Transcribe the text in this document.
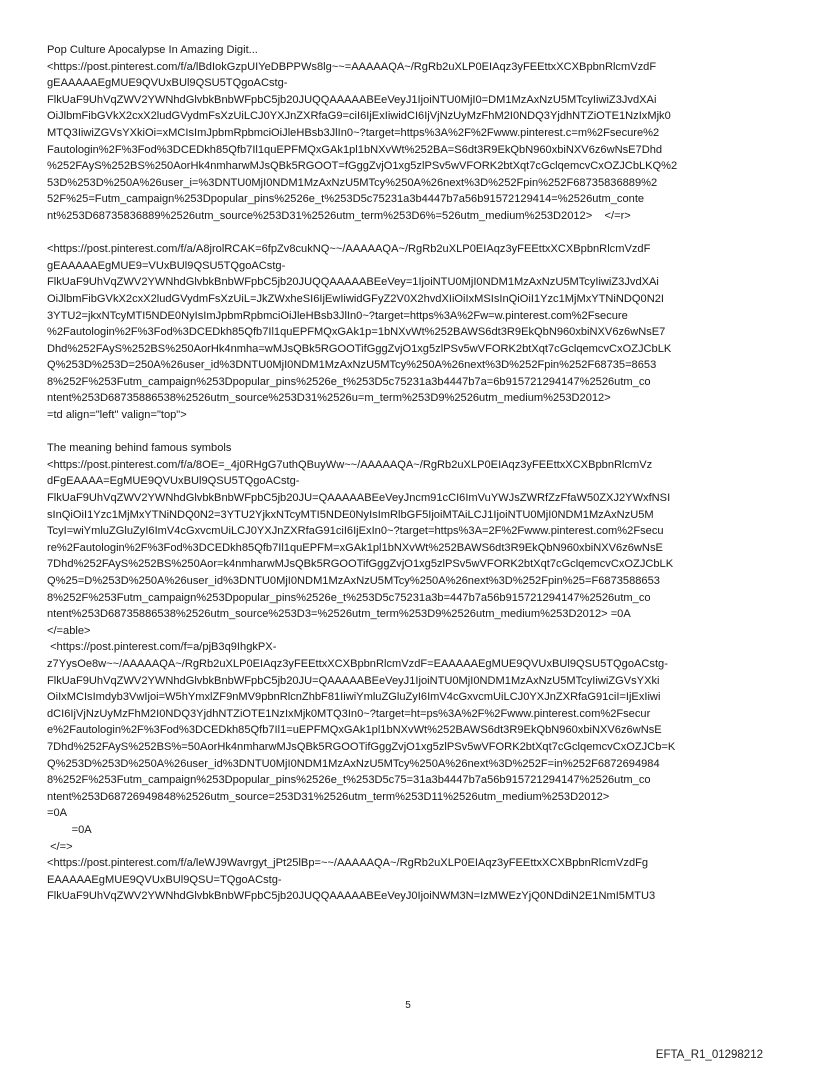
Pop Culture Apocalypse In Amazing Digit...
<https://post.pinterest.com/f/a/lBdIokGzpUIYeDBPPWs8lg~~=AAAAAQA~/RgRb2uXLP0EIAqz3yFEEttxXCXBpbnRlcmVzdF
gEAAAAAEgMUE9QVUxBUl9QSU5TQgoACstg-
FlkUaF9UhVqZWV2YWNhdGlvbkBnbWFpbC5jb20JUQQAAAAABEeVeyJ1IjoiNTU0MjI0=DM1MzAxNzU5MTcyIiwiZ3JvdXAi
OiJlbmFibGVkX2cxX2ludGVydmFsXzUiLCJ0YXJnZXRfaG9=ciI6IjExIiwidCI6IjVjNzUyMzFhM2I0NDQ3YjdhNTZiOTE1NzIxMjk0
MTQ3IiwiZGVsYXkiOi=xMCIsImJpbmRpbmciOiJleHBsb3JlIn0~?target=https%3A%2F%2Fwww.pinterest.c=m%2Fsecure%2
Fautologin%2F%3Fod%3DCEDkh85Qfb7Il1quEPFMQxGAk1pl1bNXvWt%252BA=S6dt3R9EkQbN960xbiNXV6z6wNsE7Dhd
%252FAyS%252BS%250AorHk4nmharwMJsQBk5RGOOT=fGggZvjO1xg5zlPSv5wVFORK2btXqt7cGclqemcvCxOZJCbLKQ%2
53D%253D%250A%26user_i=%3DNTU0MjI0NDM1MzAxNzU5MTcy%250A%26next%3D%252Fpin%252F68735836889%2
52F%25=Futm_campaign%253Dpopular_pins%2526e_t%253D5c75231a3b4447b7a56b91572129414=%2526utm_conte
nt%253D68735836889%2526utm_source%253D31%2526utm_term%253D6%=526utm_medium%253D2012>    </=r>
<https://post.pinterest.com/f/a/A8jrolRCAK=6fpZv8cukNQ~~/AAAAAQA~/RgRb2uXLP0EIAqz3yFEEttxXCXBpbnRlcmVzdF
gEAAAAAEgMUE9=VUxBUl9QSU5TQgoACstg-
FlkUaF9UhVqZWV2YWNhdGlvbkBnbWFpbC5jb20JUQQAAAAABEeVey=1IjoiNTU0MjI0NDM1MzAxNzU5MTcyIiwiZ3JvdXAi
OiJlbmFibGVkX2cxX2ludGVydmFsXzUiL=JkZWxheSI6IjEwIiwidGFyZ2V0X2hvdXIiOiIxMSIsInQiOiI1Yzc1MjMxYTNiNDQ0N2I
3YTU2=jkxNTcyMTI5NDE0NyIsImJpbmRpbmciOiJleHBsb3JlIn0~?target=https%3A%2Fw=w.pinterest.com%2Fsecure
%2Fautologin%2F%3Fod%3DCEDkh85Qfb7Il1quEPFMQxGAk1p=1bNXvWt%252BAWS6dt3R9EkQbN960xbiNXV6z6wNsE7
Dhd%252FAyS%252BS%250AorHk4nmha=wMJsQBk5RGOOTifGggZvjO1xg5zlPSv5wVFORK2btXqt7cGclqemcvCxOZJCbLK
Q%253D%253D=250A%26user_id%3DNTU0MjI0NDM1MzAxNzU5MTcy%250A%26next%3D%252Fpin%252F68735=8653
8%252F%253Futm_campaign%253Dpopular_pins%2526e_t%253D5c75231a3b4447b7a=6b915721294147%2526utm_co
ntent%253D68735886538%2526utm_source%253D31%2526u=m_term%253D9%2526utm_medium%253D2012>
=td align="left" valign="top">
The meaning behind famous symbols
<https://post.pinterest.com/f/a/8OE=_4j0RHgG7uthQBuyWw~~/AAAAAQA~/RgRb2uXLP0EIAqz3yFEEttxXCXBpbnRlcmVz
dFgEAAAA=EgMUE9QVUxBUl9QSU5TQgoACstg-
FlkUaF9UhVqZWV2YWNhdGlvbkBnbWFpbC5jb20JU=QAAAAABEeVeyJncm91cCI6ImVuYWJsZWRfZzFfaW50ZXJ2YWxfNSI
sInQiOiI1Yzc1MjMxYTNiNDQ0N2=3YTU2YjkxNTcyMTI5NDE0NyIsImRlbGF5IjoiMTAiLCJ1IjoiNTU0MjI0NDM1MzAxNzU5M
TcyI=wiYmluZGluZyI6ImV4cGxvcmUiLCJ0YXJnZXRfaG91ciI6IjExIn0~?target=https%3A=2F%2Fwww.pinterest.com%2Fsecu
re%2Fautologin%2F%3Fod%3DCEDkh85Qfb7Il1quEPFM=xGAk1pl1bNXvWt%252BAWS6dt3R9EkQbN960xbiNXV6z6wNsE
7Dhd%252FAyS%252BS%250Aor=k4nmharwMJsQBk5RGOOTifGggZvjO1xg5zlPSv5wVFORK2btXqt7cGclqemcvCxOZJCbLK
Q%25=D%253D%250A%26user_id%3DNTU0MjI0NDM1MzAxNzU5MTcy%250A%26next%3D%252Fpin%25=F6873588653
8%252F%253Futm_campaign%253Dpopular_pins%2526e_t%253D5c75231a3b=447b7a56b915721294147%2526utm_co
ntent%253D68735886538%2526utm_source%253D3=%2526utm_term%253D9%2526utm_medium%253D2012> =0A
</=able>
<https://post.pinterest.com/f=a/pjB3q9IhgkPX-
z7YysOe8w~~/AAAAAQA~/RgRb2uXLP0EIAqz3yFEEttxXCXBpbnRlcmVzdF=EAAAAAEgMUE9QVUxBUl9QSU5TQgoACstg-
FlkUaF9UhVqZWV2YWNhdGlvbkBnbWFpbC5jb20JU=QAAAAABEeVeyJ1IjoiNTU0MjI0NDM1MzAxNzU5MTcyIiwiZGVsYXki
OiIxMCIsImdyb3VwIjoi=W5hYmxlZF9nMV9pbnRlcnZhbF81IiwiYmluZGluZyI6ImV4cGxvcmUiLCJ0YXJnZXRfaG91ciI=IjExIiwi
dCI6IjVjNzUyMzFhM2I0NDQ3YjdhNTZiOTE1NzIxMjk0MTQ3In0~?target=ht=ps%3A%2F%2Fwww.pinterest.com%2Fsecur
e%2Fautologin%2F%3Fod%3DCEDkh85Qfb7Il1=uEPFMQxGAk1pl1bNXvWt%252BAWS6dt3R9EkQbN960xbiNXV6z6wNsE
7Dhd%252FAyS%252BS%=50AorHk4nmharwMJsQBk5RGOOTifGggZvjO1xg5zlPSv5wVFORK2btXqt7cGclqemcvCxOZJCb=K
Q%253D%253D%250A%26user_id%3DNTU0MjI0NDM1MzAxNzU5MTcy%250A%26next%3D%252F=in%252F6872694984
8%252F%253Futm_campaign%253Dpopular_pins%2526e_t%253D5c75=31a3b4447b7a56b915721294147%2526utm_co
ntent%253D68726949848%2526utm_source=253D31%2526utm_term%253D11%2526utm_medium%253D2012>
=0A
=0A
</=>
<https://post.pinterest.com/f/a/leWJ9Wavrgyt_jPt25lBp=~~/AAAAAQA~/RgRb2uXLP0EIAqz3yFEEttxXCXBpbnRlcmVzdFg
EAAAAAEgMUE9QVUxBUl9QSU=TQgoACstg-
FlkUaF9UhVqZWV2YWNhdGlvbkBnbWFpbC5jb20JUQQAAAAABEeVeyJ0IjoiNWM3N=IzMWEzYjQ0NDdiN2E1NmI5MTU3
5
EFTA_R1_01298212
